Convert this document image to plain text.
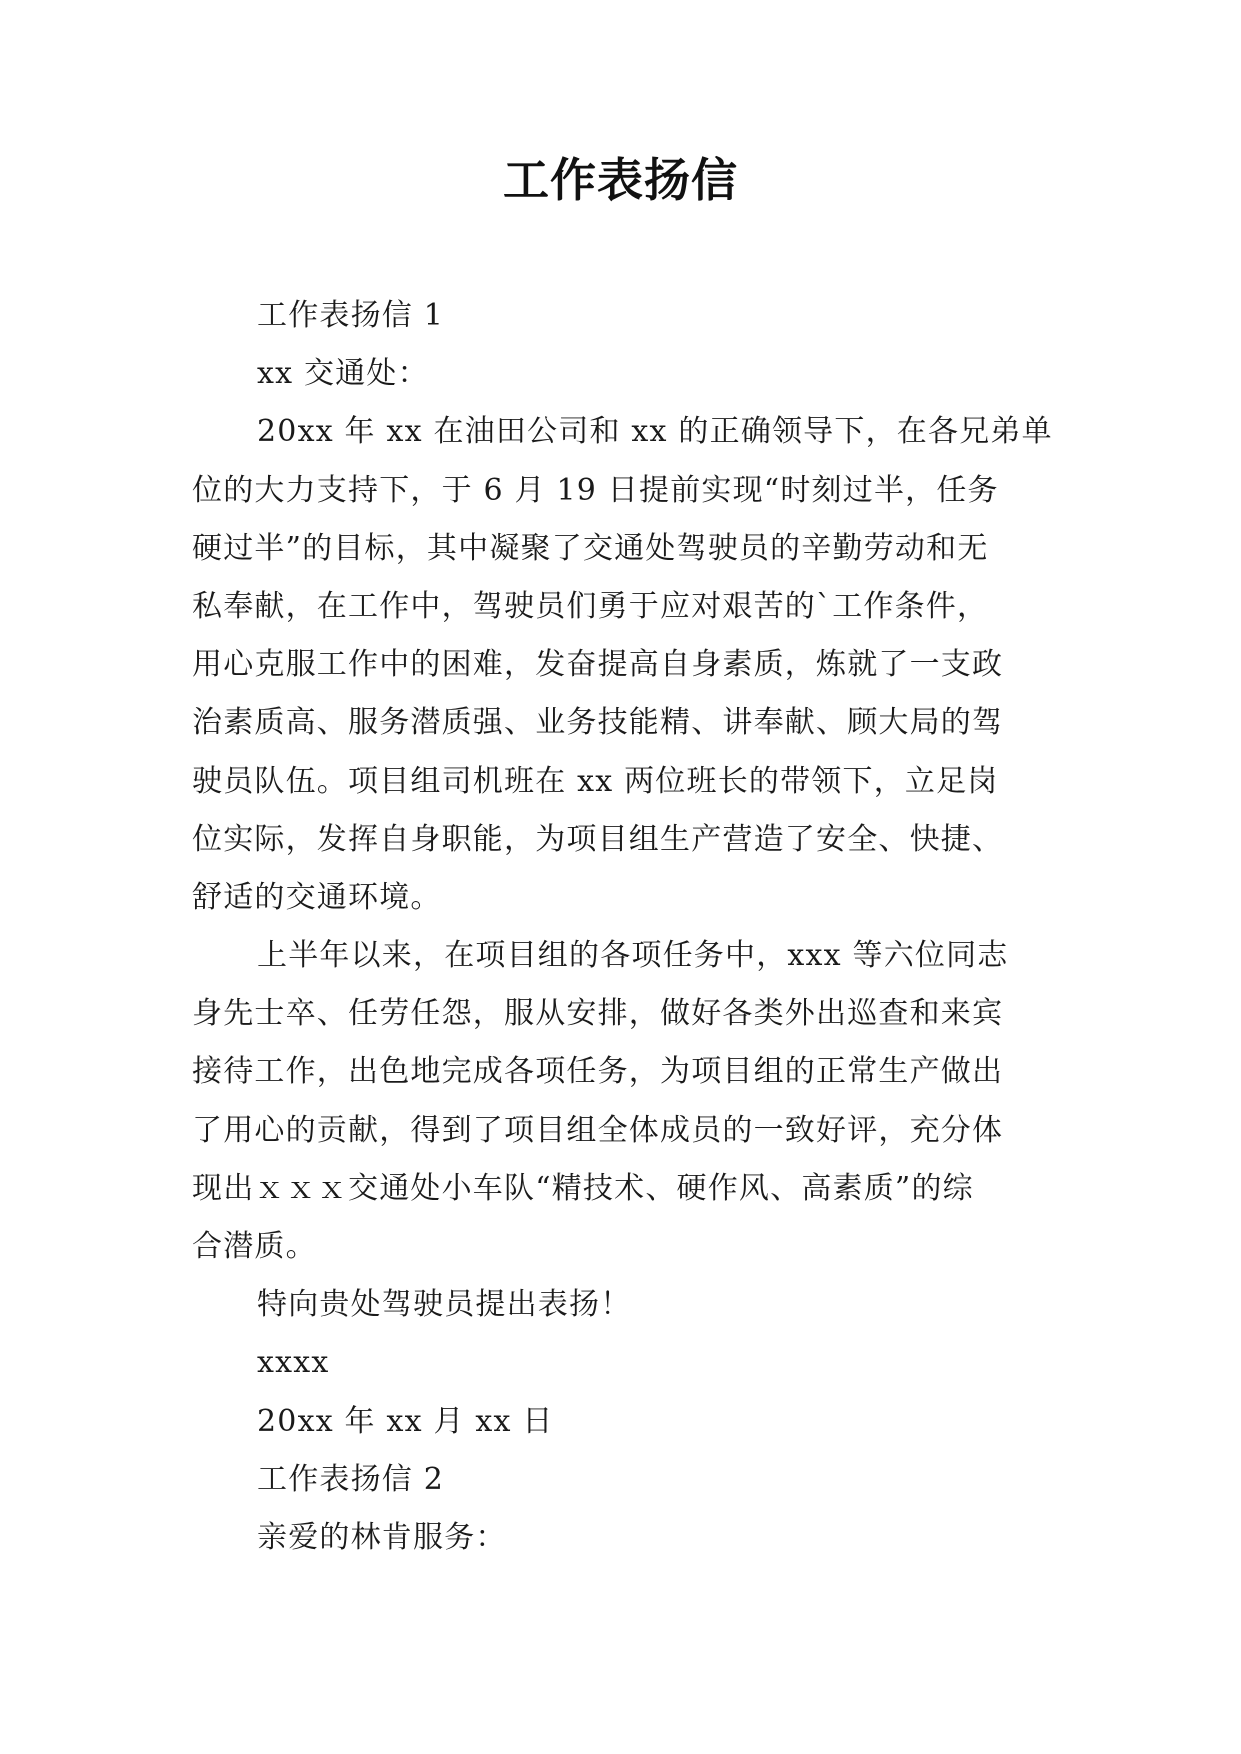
工作表扬信
工作表扬信 1
xx 交通处：
20xx 年 xx 在油田公司和 xx 的正确领导下，在各兄弟单
位的大力支持下，于 6 月 19 日提前实现“时刻过半，任务
硬过半”的目标，其中凝聚了交通处驾驶员的辛勤劳动和无
私奉献，在工作中，驾驶员们勇于应对艰苦的`工作条件，
用心克服工作中的困难，发奋提高自身素质，炼就了一支政
治素质高、服务潜质强、业务技能精、讲奉献、顾大局的驾
驶员队伍。项目组司机班在 xx 两位班长的带领下，立足岗
位实际，发挥自身职能，为项目组生产营造了安全、快捷、
舒适的交通环境。
上半年以来，在项目组的各项任务中，xxx 等六位同志
身先士卒、任劳任怨，服从安排，做好各类外出巡查和来宾
接待工作，出色地完成各项任务，为项目组的正常生产做出
了用心的贡献，得到了项目组全体成员的一致好评，充分体
现出ｘｘｘ交通处小车队“精技术、硬作风、高素质”的综
合潜质。
特向贵处驾驶员提出表扬！
xxxx
20xx 年 xx 月 xx 日
工作表扬信 2
亲爱的林肯服务：
